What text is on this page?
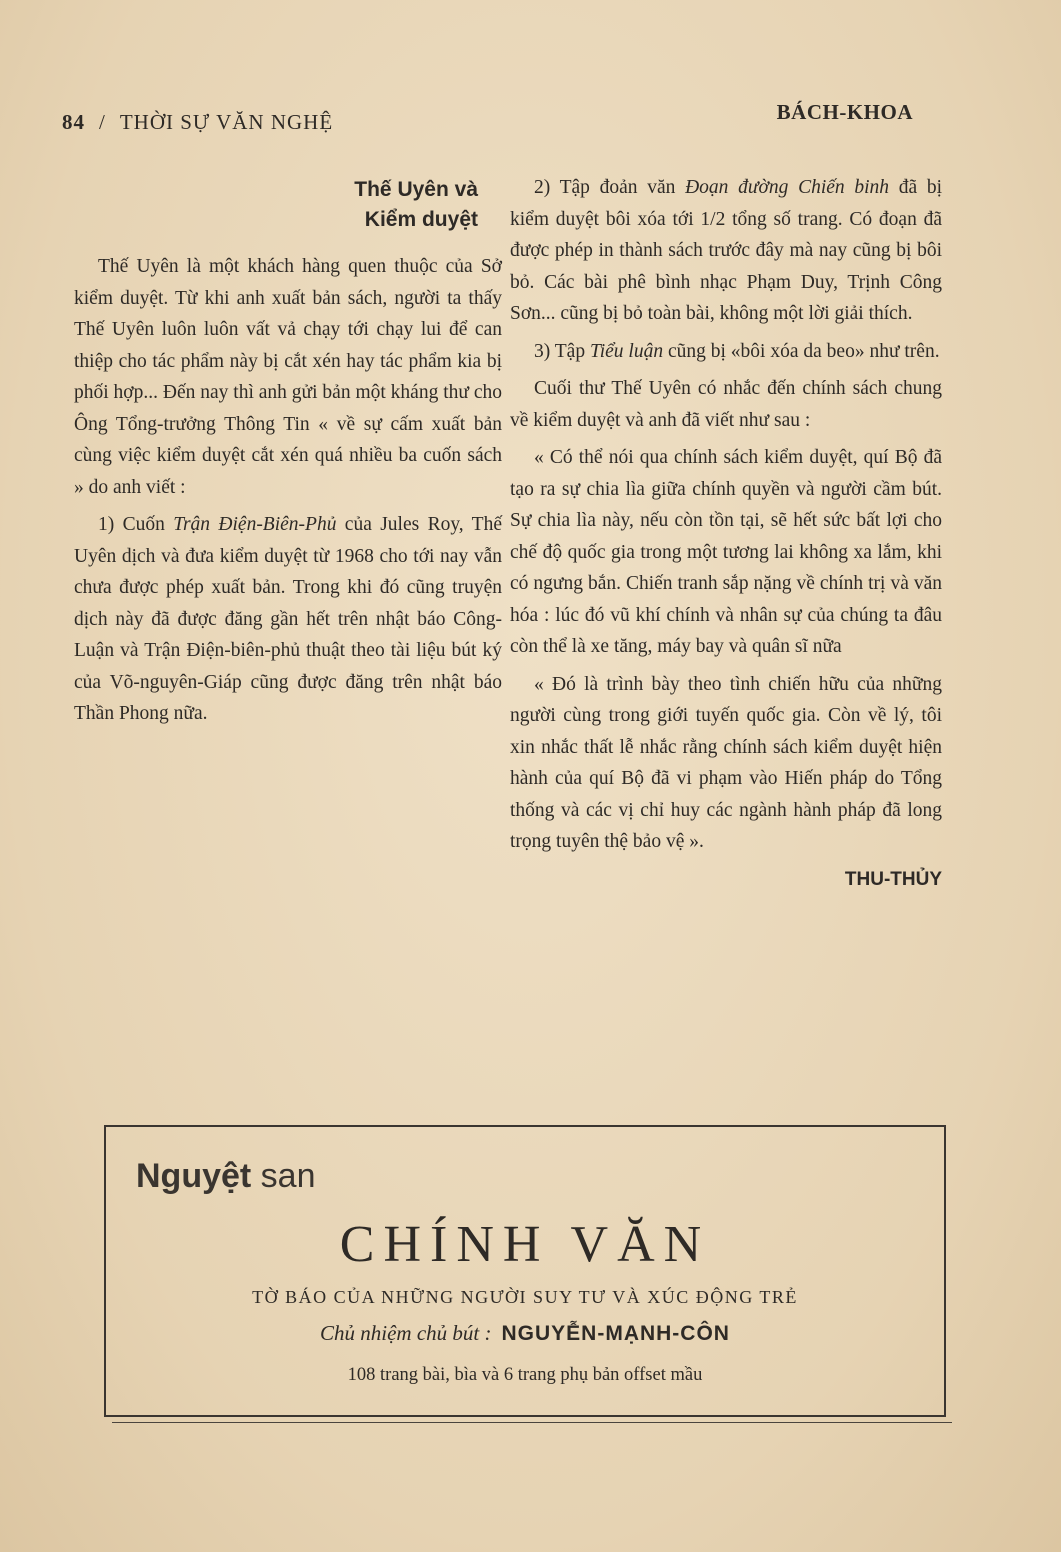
84 / THỜI SỰ VĂN NGHỆ	BÁCH-KHOA
Thế Uyên và
Kiểm duyệt

Thế Uyên là một khách hàng quen thuộc của Sở kiểm duyệt. Từ khi anh xuất bản sách, người ta thấy Thế Uyên luôn luôn vất vả chạy tới chạy lui để can thiệp cho tác phẩm này bị cắt xén hay tác phẩm kia bị phối hợp... Đến nay thì anh gửi bản một kháng thư cho Ông Tổng-trưởng Thông Tin « về sự cấm xuất bản cùng việc kiểm duyệt cắt xén quá nhiều ba cuốn sách » do anh viết :

1) Cuốn Trận Điện-Biên-Phủ của Jules Roy, Thế Uyên dịch và đưa kiểm duyệt từ 1968 cho tới nay vẫn chưa được phép xuất bản. Trong khi đó cũng truyện dịch này đã được đăng gần hết trên nhật báo Công-Luận và Trận Điện-biên-phủ thuật theo tài liệu bút ký của Võ-nguyên-Giáp cũng được đăng trên nhật báo Thần Phong nữa.

2) Tập đoản văn Đoạn đường Chiến binh đã bị kiểm duyệt bôi xóa tới 1/2 tổng số trang. Có đoạn đã được phép in thành sách trước đây mà nay cũng bị bôi bỏ. Các bài phê bình nhạc Phạm Duy, Trịnh Công Sơn... cũng bị bỏ toàn bài, không một lời giải thích.

3) Tập Tiểu luận cũng bị «bôi xóa da beo» như trên.

Cuối thư Thế Uyên có nhắc đến chính sách chung về kiểm duyệt và anh đã viết như sau :

« Có thể nói qua chính sách kiểm duyệt, quí Bộ đã tạo ra sự chia lìa giữa chính quyền và người cầm bút. Sự chia lìa này, nếu còn tồn tại, sẽ hết sức bất lợi cho chế độ quốc gia trong một tương lai không xa lắm, khi có ngưng bắn. Chiến tranh sắp nặng về chính trị và văn hóa : lúc đó vũ khí chính và nhân sự của chúng ta đâu còn thể là xe tăng, máy bay và quân sĩ nữa

« Đó là trình bày theo tình chiến hữu của những người cùng trong giới tuyến quốc gia. Còn về lý, tôi xin nhắc thất lễ nhắc rằng chính sách kiểm duyệt hiện hành của quí Bộ đã vi phạm vào Hiến pháp do Tổng thống và các vị chỉ huy các ngành hành pháp đã long trọng tuyên thệ bảo vệ ».

THU-THỦY
Nguyệt san
CHÍNH VĂN
TỜ BÁO CỦA NHỮNG NGƯỜI SUY TƯ VÀ XÚC ĐỘNG TRẺ
Chủ nhiệm chủ bút : NGUYỄN-MẠNH-CÔN
108 trang bài, bìa và 6 trang phụ bản offset mầu
